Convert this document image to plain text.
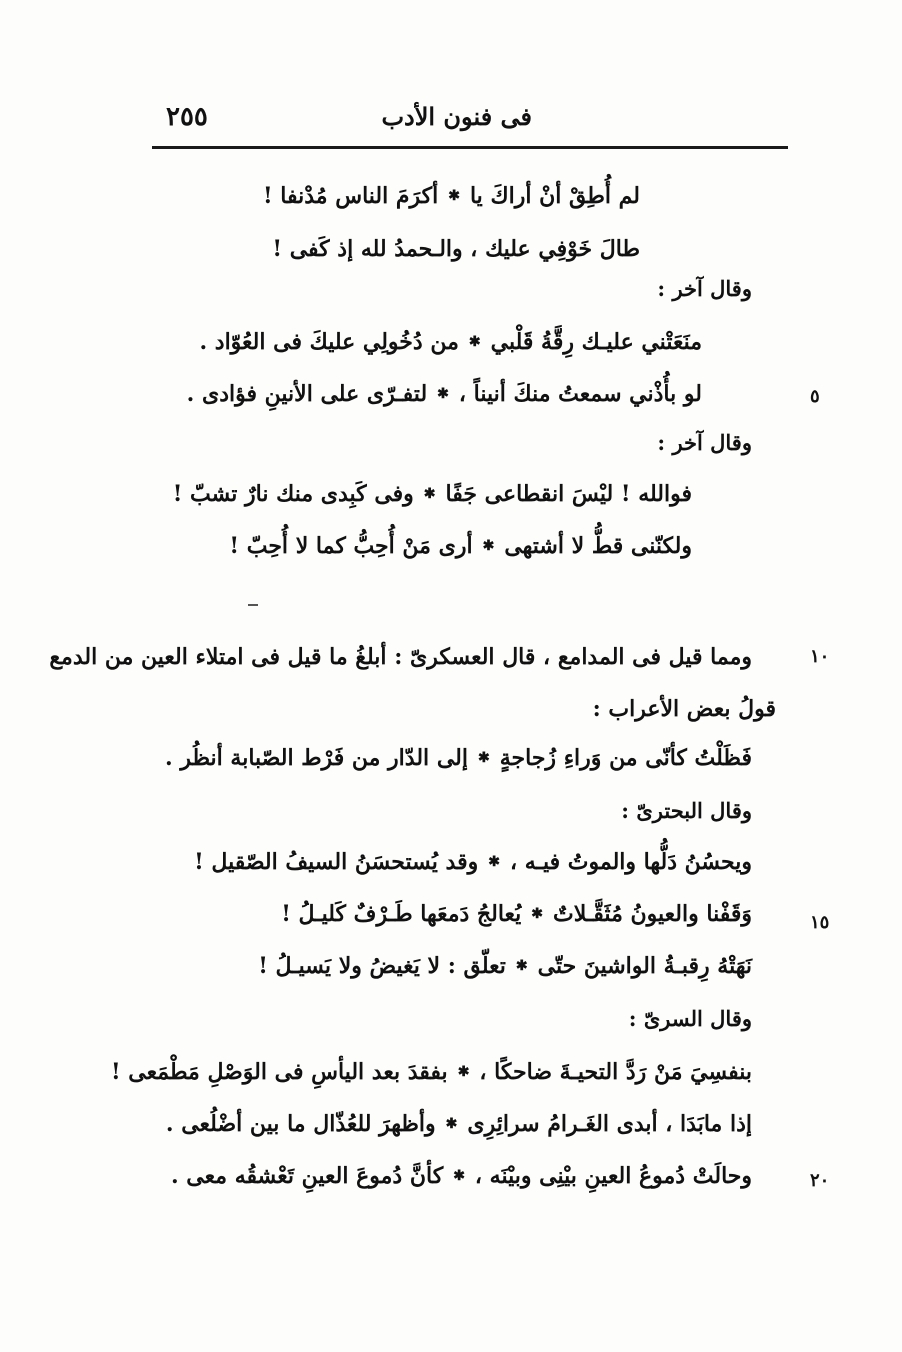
٢٥٥	فى فنون الأدب
٥
١٠
١٥
٢٠
لم أُطِقْ أنْ أراكَ يا
✱
أكرَمَ الناس مُدْنفا !
طالَ خَوْفِي عليك ، والـحمدُ لله إذ كَفى !
وقال آخر :
منَعَتْني عليـك رِقَّةُ قَلْبي
✱
من دُخُولِي عليكَ فى العُوّاد .
لو بأُذْني سمعتُ منكَ أنيناً ،
✱
لتفـرّى على الأنينِ فؤادى .
وقال آخر :
فوالله ! ليْسَ انقطاعى جَفًا
✱
وفى كَبِدى منك نارٌ تشبّ !
ولكنّنى قطُّ لا أشتهى
✱
أرى مَنْ أُحِبُّ كما لا أُحِبّ !
ومما قيل فى المدامع ، قال العسكرىّ : أبلغُ ما قيل فى امتلاء العين من الدمع
قولُ بعض الأعراب :
فَظَلْتُ كأنّى من وَراءِ زُجاجةٍ
✱
إلى الدّار من فَرْط الصّبابة أنظُر .
وقال البحترىّ :
ويحسُنُ دَلُّها والموتُ فيـه ،
✱
وقد يُستحسَنُ السيفُ الصّقيل !
وَقَفْنا والعيونُ مُثَقَّـلاتٌ
✱
يُعالجُ دَمعَها طَـرْفٌ كَليـلُ !
نَهَتْهُ رِقبـةُ الواشينَ حتّى
✱
تعلّق : لا يَغيضُ ولا يَسيـلُ !
وقال السرىّ :
بنفسِيَ مَنْ رَدَّ التحيـةَ ضاحكًا ،
✱
بفقدَ بعد اليأسِ فى الوَصْلِ مَطْمَعى !
إذا مابَدَا ، أبدى الغَـرامُ سرائِرِى
✱
وأظهرَ للعُذّال ما بين أضْلُعى .
وحالَتْ دُموعُ العينِ بيْنِى وبيْنَه ،
✱
كأنَّ دُموعَ العينِ تَعْشقُه معى .
